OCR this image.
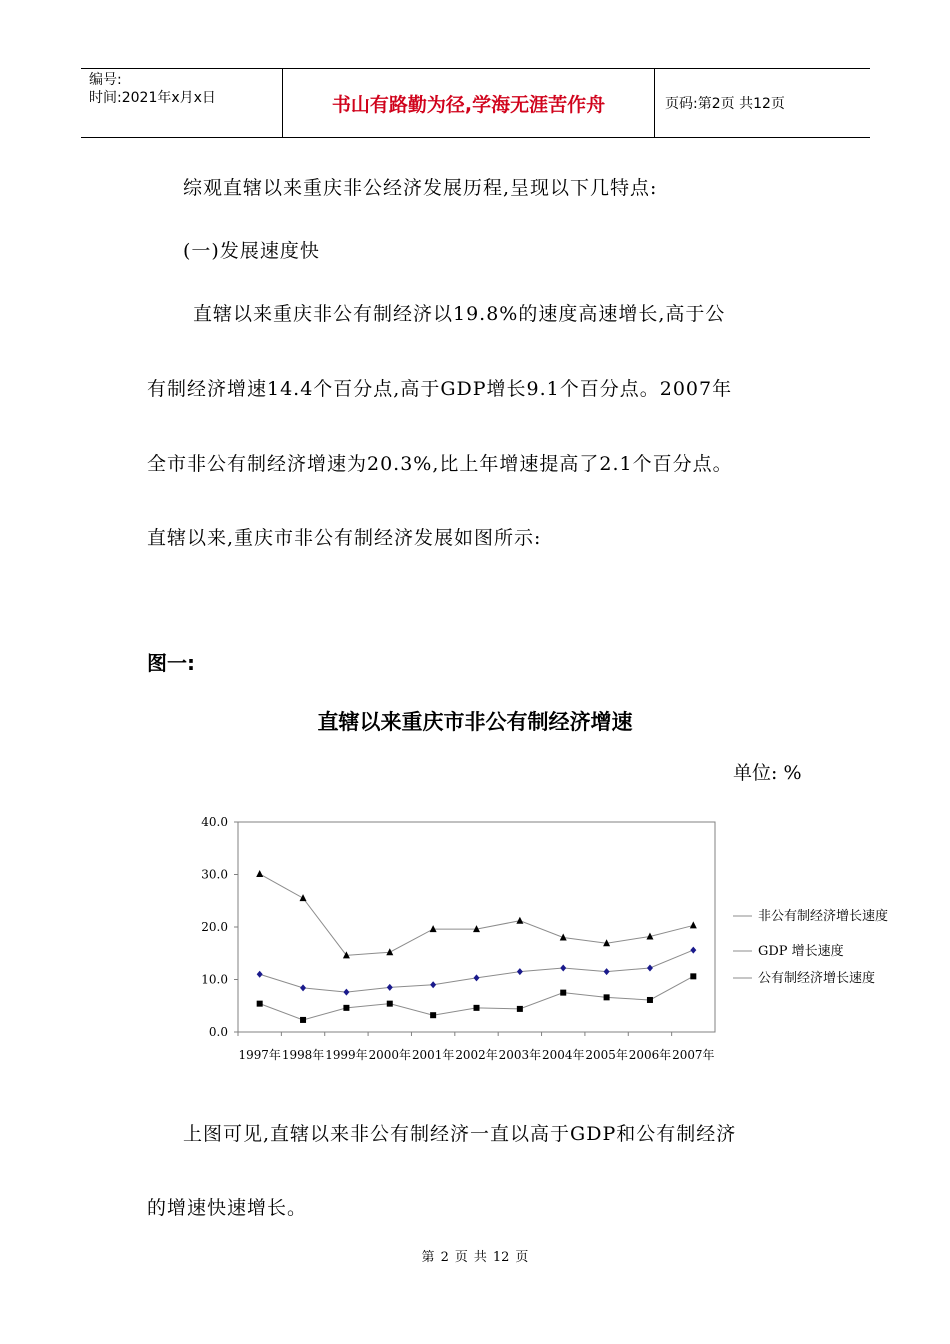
编号:
时间:2021年x月x日	书山有路勤为径,学海无涯苦作舟	页码:第2页 共12页
综观直辖以来重庆非公经济发展历程,呈现以下几特点:
(一)发展速度快
直辖以来重庆非公有制经济以19.8%的速度高速增长,高于公
有制经济增速14.4个百分点,高于GDP增长9.1个百分点。2007年
全市非公有制经济增速为20.3%,比上年增速提高了2.1个百分点。
直辖以来,重庆市非公有制经济发展如图所示:
图一:
直辖以来重庆市非公有制经济增速
单位: %
0.0
10.0
20.0
30.0
40.0
1997年 1998年 1999年 2000年 2001年 2002年 2003年 2004年 2005年 2006年 2007年
非公有制经济增长速度
GDP 增长速度
公有制经济增长速度
上图可见,直辖以来非公有制经济一直以高于GDP和公有制经济
的增速快速增长。
第 2 页 共 12 页
